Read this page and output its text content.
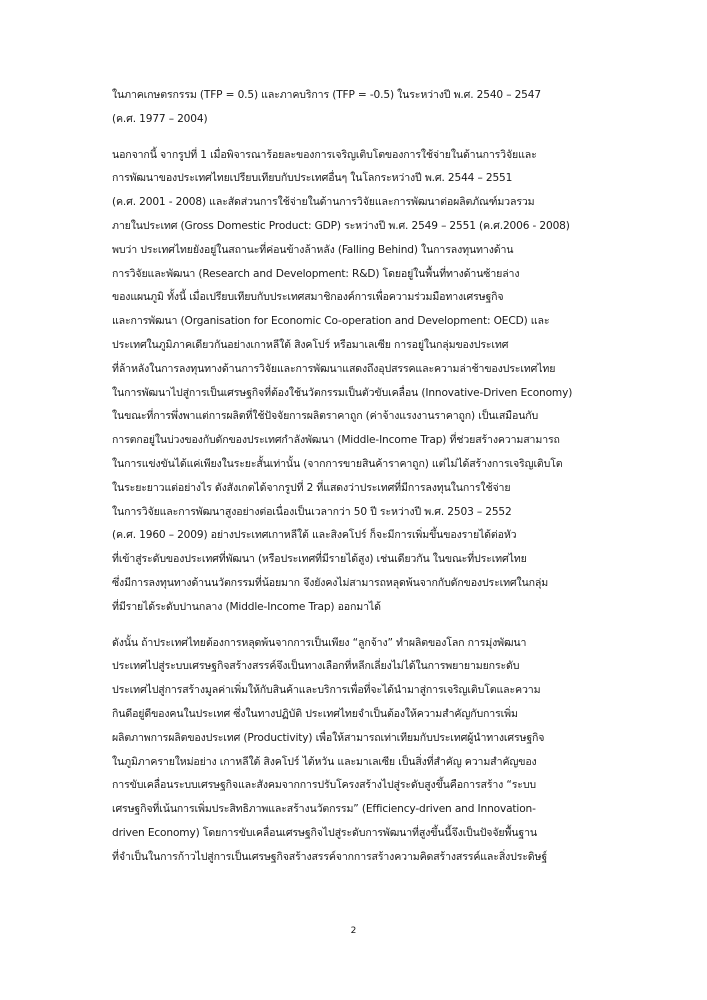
ในภาคเกษตรกรรม (TFP = 0.5) และภาคบริการ (TFP = -0.5) ในระหว่างปี พ.ศ. 2540 – 2547
(ค.ศ. 1977 – 2004)
นอกจากนี้ จากรูปที่ 1 เมื่อพิจารณาร้อยละของการเจริญเติบโตของการใช้จ่ายในด้านการวิจัยและ
การพัฒนาของประเทศไทยเปรียบเทียบกับประเทศอื่นๆ ในโลกระหว่างปี พ.ศ. 2544 – 2551
(ค.ศ. 2001 - 2008) และสัดส่วนการใช้จ่ายในด้านการวิจัยและการพัฒนาต่อผลิตภัณฑ์มวลรวม
ภายในประเทศ (Gross Domestic Product: GDP) ระหว่างปี พ.ศ. 2549 – 2551 (ค.ศ.2006 - 2008)
พบว่า ประเทศไทยยังอยู่ในสถานะที่ค่อนข้างล้าหลัง (Falling Behind) ในการลงทุนทางด้าน
การวิจัยและพัฒนา (Research and Development: R&D) โดยอยู่ในพื้นที่ทางด้านซ้ายล่าง
ของแผนภูมิ ทั้งนี้ เมื่อเปรียบเทียบกับประเทศสมาชิกองค์การเพื่อความร่วมมือทางเศรษฐกิจ
และการพัฒนา (Organisation for Economic Co-operation and Development: OECD) และ
ประเทศในภูมิภาคเดียวกันอย่างเกาหลีใต้ สิงคโปร์ หรือมาเลเซีย การอยู่ในกลุ่มของประเทศ
ที่ล้าหลังในการลงทุนทางด้านการวิจัยและการพัฒนาแสดงถึงอุปสรรคและความล่าช้าของประเทศไทย
ในการพัฒนาไปสู่การเป็นเศรษฐกิจที่ต้องใช้นวัตกรรมเป็นตัวขับเคลื่อน (Innovative-Driven Economy)
ในขณะที่การพึ่งพาแต่การผลิตที่ใช้ปัจจัยการผลิตราคาถูก (ค่าจ้างแรงงานราคาถูก) เป็นเสมือนกับ
การตกอยู่ในบ่วงของกับดักของประเทศกำลังพัฒนา (Middle-Income Trap) ที่ช่วยสร้างความสามารถ
ในการแข่งขันได้แค่เพียงในระยะสั้นเท่านั้น (จากการขายสินค้าราคาถูก) แต่ไม่ได้สร้างการเจริญเติบโต
ในระยะยาวแต่อย่างไร ดังสังเกตได้จากรูปที่ 2 ที่แสดงว่าประเทศที่มีการลงทุนในการใช้จ่าย
ในการวิจัยและการพัฒนาสูงอย่างต่อเนื่องเป็นเวลากว่า 50 ปี ระหว่างปี พ.ศ. 2503 – 2552
(ค.ศ. 1960 – 2009) อย่างประเทศเกาหลีใต้ และสิงคโปร์ ก็จะมีการเพิ่มขึ้นของรายได้ต่อหัว
ที่เข้าสู่ระดับของประเทศที่พัฒนา (หรือประเทศที่มีรายได้สูง) เช่นเดียวกัน ในขณะที่ประเทศไทย
ซึ่งมีการลงทุนทางด้านนวัตกรรมที่น้อยมาก จึงยังคงไม่สามารถหลุดพ้นจากกับดักของประเทศในกลุ่ม
ที่มีรายได้ระดับปานกลาง (Middle-Income Trap) ออกมาได้
ดังนั้น ถ้าประเทศไทยต้องการหลุดพ้นจากการเป็นเพียง “ลูกจ้าง” ทำผลิตของโลก การมุ่งพัฒนา
ประเทศไปสู่ระบบเศรษฐกิจสร้างสรรค์จึงเป็นทางเลือกที่หลีกเลี่ยงไม่ได้ในการพยายามยกระดับ
ประเทศไปสู่การสร้างมูลค่าเพิ่มให้กับสินค้าและบริการเพื่อที่จะได้นำมาสู่การเจริญเติบโตและความ
กินดีอยู่ดีของคนในประเทศ ซึ่งในทางปฏิบัติ ประเทศไทยจำเป็นต้องให้ความสำคัญกับการเพิ่ม
ผลิตภาพการผลิตของประเทศ (Productivity) เพื่อให้สามารถเท่าเทียมกับประเทศผู้นำทางเศรษฐกิจ
ในภูมิภาครายใหม่อย่าง เกาหลีใต้ สิงคโปร์ ไต้หวัน และมาเลเซีย เป็นสิ่งที่สำคัญ ความสำคัญของ
การขับเคลื่อนระบบเศรษฐกิจและสังคมจากการปรับโครงสร้างไปสู่ระดับสูงขึ้นคือการสร้าง “ระบบ
เศรษฐกิจที่เน้นการเพิ่มประสิทธิภาพและสร้างนวัตกรรม” (Efficiency-driven and Innovation-
driven Economy) โดยการขับเคลื่อนเศรษฐกิจไปสู่ระดับการพัฒนาที่สูงขึ้นนี้จึงเป็นปัจจัยพื้นฐาน
ที่จำเป็นในการก้าวไปสู่การเป็นเศรษฐกิจสร้างสรรค์จากการสร้างความคิดสร้างสรรค์และสิ่งประดิษฐ์
2
